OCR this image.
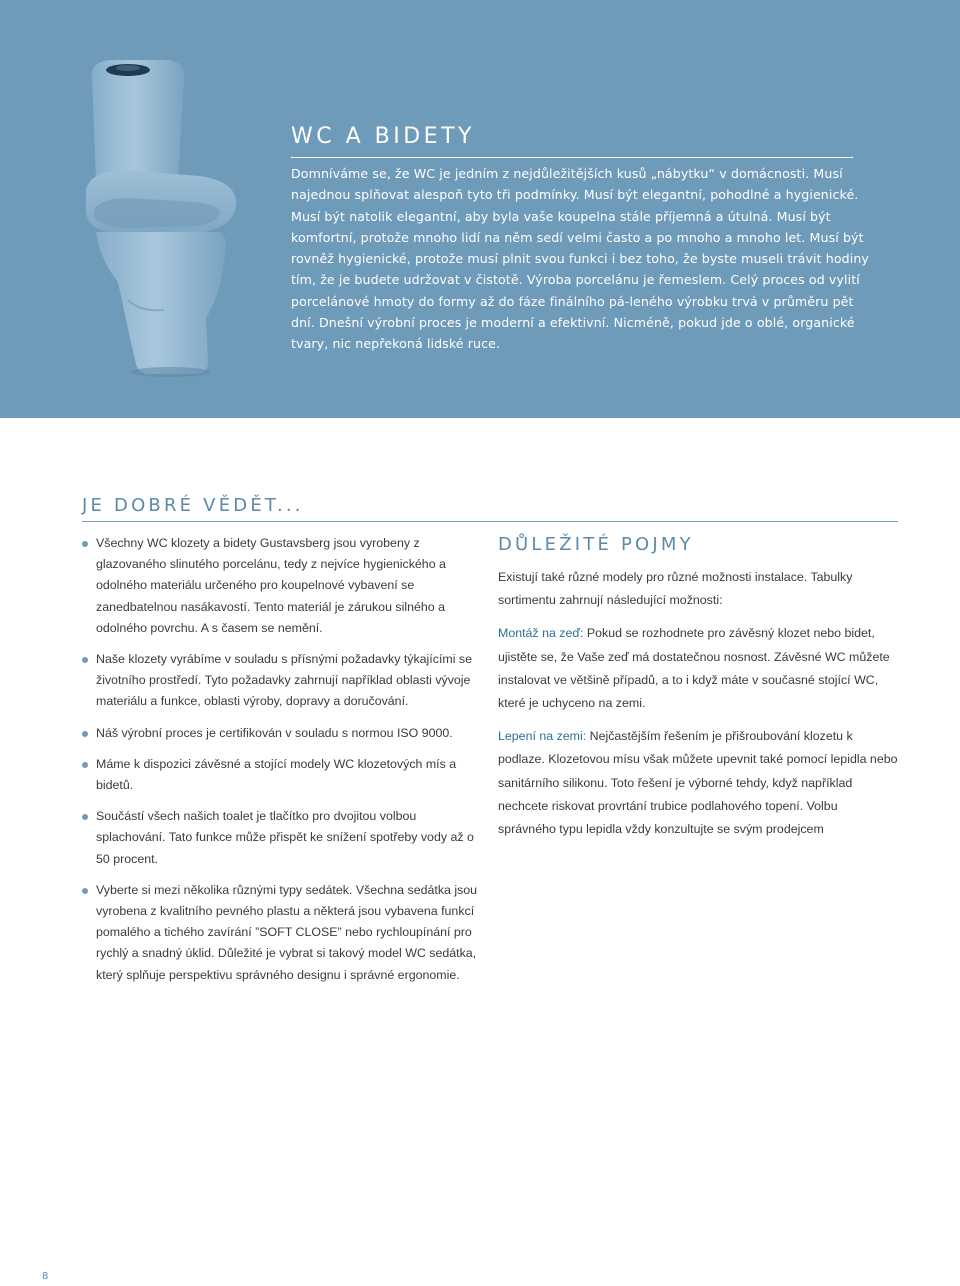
WC A BIDETY

Domníváme se, že WC je jedním z nejdůležitějších kusů „nábytku“ v domácnosti. Musí najednou splňovat alespoň tyto tři podmínky. Musí být elegantní, pohodlné a hygienické. Musí být natolik elegantní, aby byla vaše koupelna stále příjemná a útulná. Musí být komfortní, protože mnoho lidí na něm sedí velmi často a po mnoho a mnoho let. Musí být rovněž hygienické, protože musí plnit svou funkci i bez toho, že byste museli trávit hodiny tím, že je budete udržovat v čistotě. Výroba porcelánu je řemeslem. Celý proces od vylití porcelánové hmoty do formy až do fáze finálního pá-leného výrobku trvá v průměru pět dní. Dnešní výrobní proces je moderní a efektivní. Nicméně, pokud jde o oblé, organické tvary, nic nepřekoná lidské ruce.

JE DOBRÉ VĚDĚT...
Všechny WC klozety a bidety Gustavsberg jsou vyrobeny z glazovaného slinutého porcelánu, tedy z nejvíce hygienického a odolného materiálu určeného pro koupelnové vybavení se zanedbatelnou nasákavostí. Tento materiál je zárukou silného a odolného povrchu. A s časem se nemění.
Naše klozety vyrábíme v souladu s přísnými požadavky týkajícími se životního prostředí. Tyto požadavky zahrnují například oblasti vývoje materiálu a funkce, oblasti výroby, dopravy a doručování.
Náš výrobní proces je certifikován v souladu s normou ISO 9000.
Máme k dispozici závěsné a stojící modely WC klozetových mís a bidetů.
Součástí všech našich toalet je tlačítko pro dvojitou volbou splachování. Tato funkce může přispět ke snížení spotřeby vody až o 50 procent.
Vyberte si mezi několika různými typy sedátek. Všechna sedátka jsou vyrobena z kvalitního pevného plastu a některá jsou vybavena funkcí pomalého a tichého zavírání ”SOFT CLOSE” nebo rychloupínání pro rychlý a snadný úklid. Důležité je vybrat si takový model WC sedátka, který splňuje perspektivu správného designu i správné ergonomie.
DŮLEŽITÉ POJMY

Existují také různé modely pro různé možnosti instalace. Tabulky sortimentu zahrnují následující možnosti:

Montáž na zeď: Pokud se rozhodnete pro závěsný klozet nebo bidet, ujistěte se, že Vaše zeď má dostatečnou nosnost. Závěsné WC můžete instalovat ve většině případů, a to i když máte v současné stojící WC, které je uchyceno na zemi.

Lepení na zemi: Nejčastějším řešením je přišroubování klozetu k podlaze. Klozetovou mísu však můžete upevnit také pomocí lepidla nebo sanitárního silikonu. Toto řešení je výborné tehdy, když například nechcete riskovat provrtání trubice podlahového topení. Volbu správného typu lepidla vždy konzultujte se svým prodejcem

8
